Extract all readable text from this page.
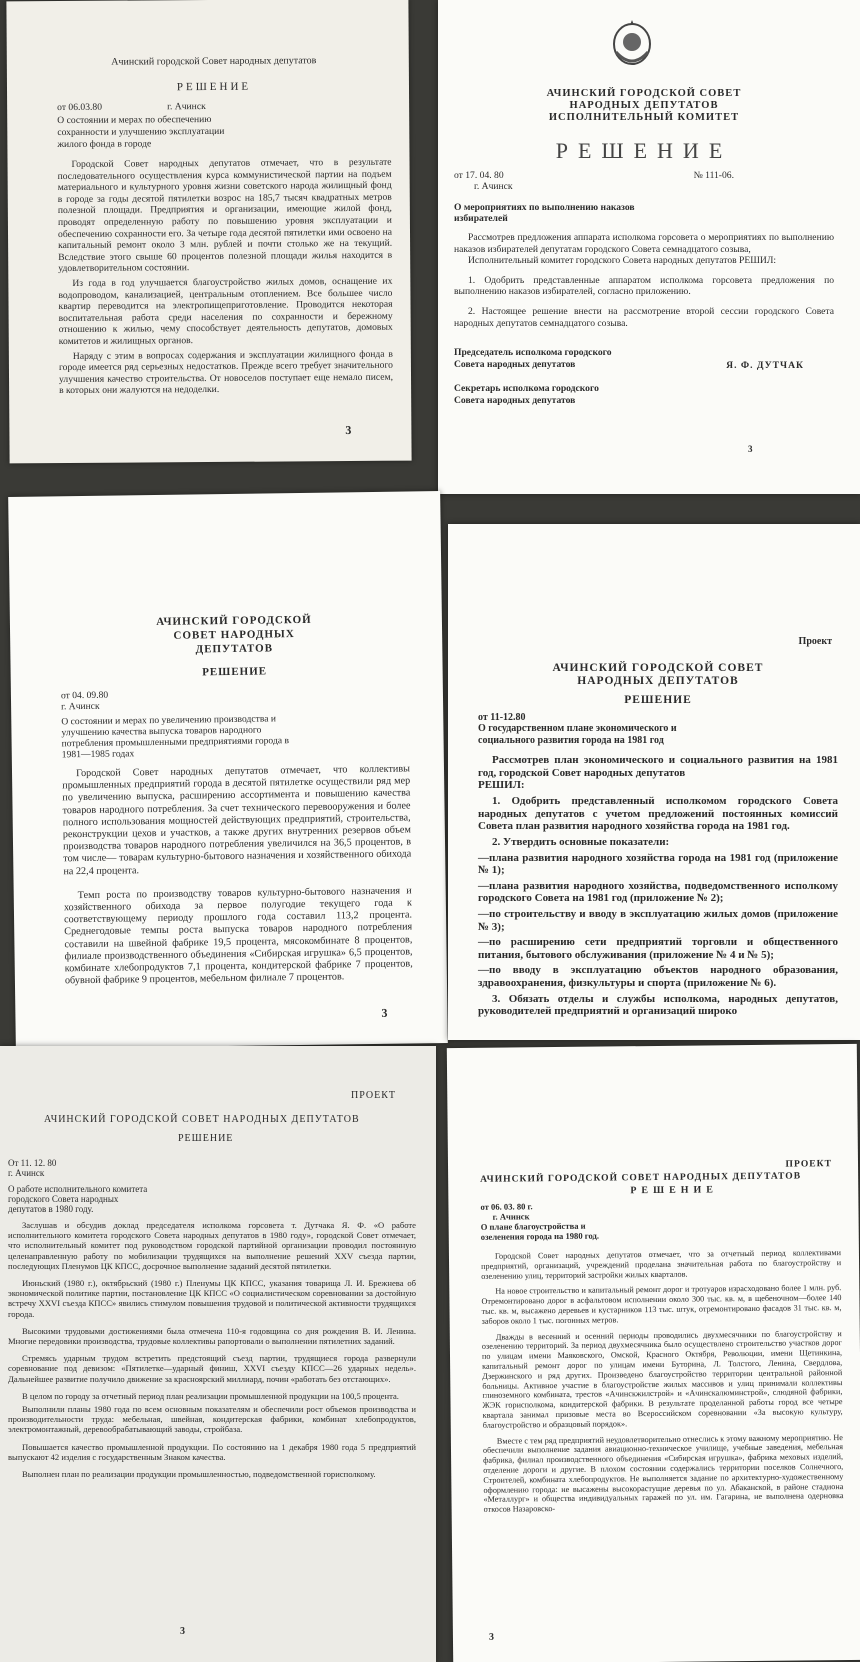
Ачинский городской Совет народных депутатов
РЕШЕНИЕ
от 06.03.80	г. Ачинск
О состоянии и мерах по обеспечению сохранности и улучшению эксплуатации жилого фонда в городе
Городской Совет народных депутатов отмечает, что в результате последовательного осуществления курса коммунистической партии на подъем материального и культурного уровня жизни советского народа жилищный фонд в городе за годы десятой пятилетки возрос на 185,7 тысяч квадратных метров полезной площади. Предприятия и организации, имеющие жилой фонд, проводят определенную работу по повышению уровня эксплуатации и обеспечению сохранности его. За четыре года десятой пятилетки ими освоено на капитальный ремонт около 3 млн. рублей и почти столько же на текущий. Вследствие этого свыше 60 процентов полезной площади жилья находится в удовлетворительном состоянии.
Из года в год улучшается благоустройство жилых домов, оснащение их водопроводом, канализацией, центральным отоплением. Все большее число квартир переводится на электропищеприготовление. Проводится некоторая воспитательная работа среди населения по сохранности и бережному отношению к жилью, чему способствует деятельность депутатов, домовых комитетов и жилищных органов.
Наряду с этим в вопросах содержания и эксплуатации жилищного фонда в городе имеется ряд серьезных недостатков. Прежде всего требует значительного улучшения качество строительства. От новоселов поступает еще немало писем, в которых они жалуются на недоделки.
3
АЧИНСКИЙ ГОРОДСКОЙ СОВЕТ НАРОДНЫХ ДЕПУТАТОВ ИСПОЛНИТЕЛЬНЫЙ КОМИТЕТ
РЕШЕНИЕ
от 17. 04. 80	№ 111-06.
г. Ачинск
О мероприятиях по выполнению наказов избирателей
Рассмотрев предложения аппарата исполкома горсовета о мероприятиях по выполнению наказов избирателей депутатам городского Совета семнадцатого созыва,
Исполнительный комитет городского Совета народных депутатов РЕШИЛ:
1. Одобрить представленные аппаратом исполкома горсовета предложения по выполнению наказов избирателей, согласно приложению.
2. Настоящее решение внести на рассмотрение второй сессии городского Совета народных депутатов семнадцатого созыва.
Председатель исполкома городского Совета народных депутатов	Я. Ф. ДУТЧАК
Секретарь исполкома городского Совета народных депутатов
3
АЧИНСКИЙ ГОРОДСКОЙ СОВЕТ НАРОДНЫХ ДЕПУТАТОВ
РЕШЕНИЕ
от 04. 09.80
г. Ачинск
О состоянии и мерах по увеличению производства и улучшению качества выпуска товаров народного потребления промышленными предприятиями города в 1981—1985 годах
Городской Совет народных депутатов отмечает, что коллективы промышленных предприятий города в десятой пятилетке осуществили ряд мер по увеличению выпуска, расширению ассортимента и повышению качества товаров народного потребления. За счет технического перевооружения и более полного использования мощностей действующих предприятий, строительства, реконструкции цехов и участков, а также других внутренних резервов объем производства товаров народного потребления увеличился на 36,5 процентов, в том числе— товарам культурно-бытового назначения и хозяйственного обихода на 22,4 процента.
Темп роста по производству товаров культурно-бытового назначения и хозяйственного обихода за первое полугодие текущего года к соответствующему периоду прошлого года составил 113,2 процента. Среднегодовые темпы роста выпуска товаров народного потребления составили на швейной фабрике 19,5 процента, мясокомбинате 8 процентов, филиале производственного объединения «Сибирская игрушка» 6,5 процентов, комбинате хлебопродуктов 7,1 процента, кондитерской фабрике 7 процентов, обувной фабрике 9 процентов, мебельном филиале 7 процентов.
3
Проект
АЧИНСКИЙ ГОРОДСКОЙ СОВЕТ НАРОДНЫХ ДЕПУТАТОВ
РЕШЕНИЕ
от 11-12.80
О государственном плане экономического и социального развития города на 1981 год
Рассмотрев план экономического и социального развития на 1981 год, городской Совет народных депутатов
РЕШИЛ:
1. Одобрить представленный исполкомом городского Совета народных депутатов с учетом предложений постоянных комиссий Совета план развития народного хозяйства города на 1981 год.
2. Утвердить основные показатели:
—плана развития народного хозяйства города на 1981 год (приложение № 1);
—плана развития народного хозяйства, подведомственного исполкому городского Совета на 1981 год (приложение № 2);
—по строительству и вводу в эксплуатацию жилых домов (приложение № 3);
—по расширению сети предприятий торговли и общественного питания, бытового обслуживания (приложение № 4 и № 5);
—по вводу в эксплуатацию объектов народного образования, здравоохранения, физкультуры и спорта (приложение № 6).
3. Обязать отделы и службы исполкома, народных депутатов, руководителей предприятий и организаций широко
ПРОЕКТ
АЧИНСКИЙ ГОРОДСКОЙ СОВЕТ НАРОДНЫХ ДЕПУТАТОВ
РЕШЕНИЕ
От 11. 12. 80
г. Ачинск
О работе исполнительного комитета городского Совета народных депутатов в 1980 году.
Заслушав и обсудив доклад председателя исполкома горсовета т. Дутчака Я. Ф. «О работе исполнительного комитета городского Совета народных депутатов в 1980 году», городской Совет отмечает, что исполнительный комитет под руководством городской партийной организации проводил постоянную целенаправленную работу по мобилизации трудящихся на выполнение решений XXV съезда партии, последующих Пленумов ЦК КПСС, досрочное выполнение заданий десятой пятилетки.
Июньский (1980 г.), октябрьский (1980 г.) Пленумы ЦК КПСС, указания товарища Л. И. Брежнева об экономической политике партии, постановление ЦК КПСС «О социалистическом соревновании за достойную встречу XXVI съезда КПСС» явились стимулом повышения трудовой и политической активности трудящихся города.
Высокими трудовыми достижениями была отмечена 110-я годовщина со дня рождения В. И. Ленина. Многие передовики производства, трудовые коллективы рапортовали о выполнении пятилетних заданий.
Стремясь ударным трудом встретить предстоящий съезд партии, трудящиеся города развернули соревнование под девизом: «Пятилетке—ударный финиш, XXVI съезду КПСС—26 ударных недель». Дальнейшее развитие получило движение за красноярский миллиард, почин «работать без отстающих».
В целом по городу за отчетный период план реализации промышленной продукции на 100,5 процента.
Выполнили планы 1980 года по всем основным показателям и обеспечили рост объемов производства и производительности труда: мебельная, швейная, кондитерская фабрики, комбинат хлебопродуктов, электромонтажный, деревообрабатывающий заводы, стройбаза.
Повышается качество промышленной продукции. По состоянию на 1 декабря 1980 года 5 предприятий выпускают 42 изделия с государственным Знаком качества.
Выполнен план по реализации продукции промышленностью, подведомственной горисполкому.
3
ПРОЕКТ
АЧИНСКИЙ ГОРОДСКОЙ СОВЕТ НАРОДНЫХ ДЕПУТАТОВ
РЕШЕНИЕ
от 06. 03. 80 г.
г. Ачинск
О плане благоустройства и озеленения города на 1980 год.
Городской Совет народных депутатов отмечает, что за отчетный период коллективами предприятий, организаций, учреждений проделана значительная работа по благоустройству и озеленению улиц, территорий застройки жилых кварталов.
На новое строительство и капитальный ремонт дорог и тротуаров израсходовано более 1 млн. руб. Отремонтировано дорог в асфальтовом исполнении около 300 тыс. кв. м, в щебеночном—более 140 тыс. кв. м, высажено деревьев и кустарников 113 тыс. штук, отремонтировано фасадов 31 тыс. кв. м, заборов около 1 тыс. погонных метров.
Дважды в весенний и осенний периоды проводились двухмесячники по благоустройству и озеленению территорий. За период двухмесячника было осуществлено строительство участков дорог по улицам имени Маяковского, Омской, Красного Октября, Революции, имени Щетинкина, капитальный ремонт дорог по улицам имени Буторина, Л. Толстого, Ленина, Свердлова, Дзержинского и ряд других. Произведено благоустройство территории центральной районной больницы. Активное участие в благоустройстве жилых массивов и улиц принимали коллективы глиноземного комбината, трестов «Ачинскжилстрой» и «Ачинскалюминстрой», слюдяной фабрики, ЖЭК горисполкома, кондитерской фабрики. В результате проделанной работы город все четыре квартала занимал призовые места во Всероссийском соревновании «За высокую культуру, благоустройство и образцовый порядок».
Вместе с тем ряд предприятий неудовлетворительно отнеслись к этому важному мероприятию. Не обеспечили выполнение задания авиационно-техническое училище, учебные заведения, мебельная фабрика, филиал производственного объединения «Сибирская игрушка», фабрика меховых изделий, отделение дороги и другие. В плохом состоянии содержались территории поселков Солнечного, Строителей, комбината хлебопродуктов. Не выполняется задание по архитектурно-художественному оформлению города: не высажены высокорастущие деревья по ул. Абаканской, в районе стадиона «Металлург» и общества индивидуальных гаражей по ул. им. Гагарина, не выполнена одерновка откосов Назаровско-
3
